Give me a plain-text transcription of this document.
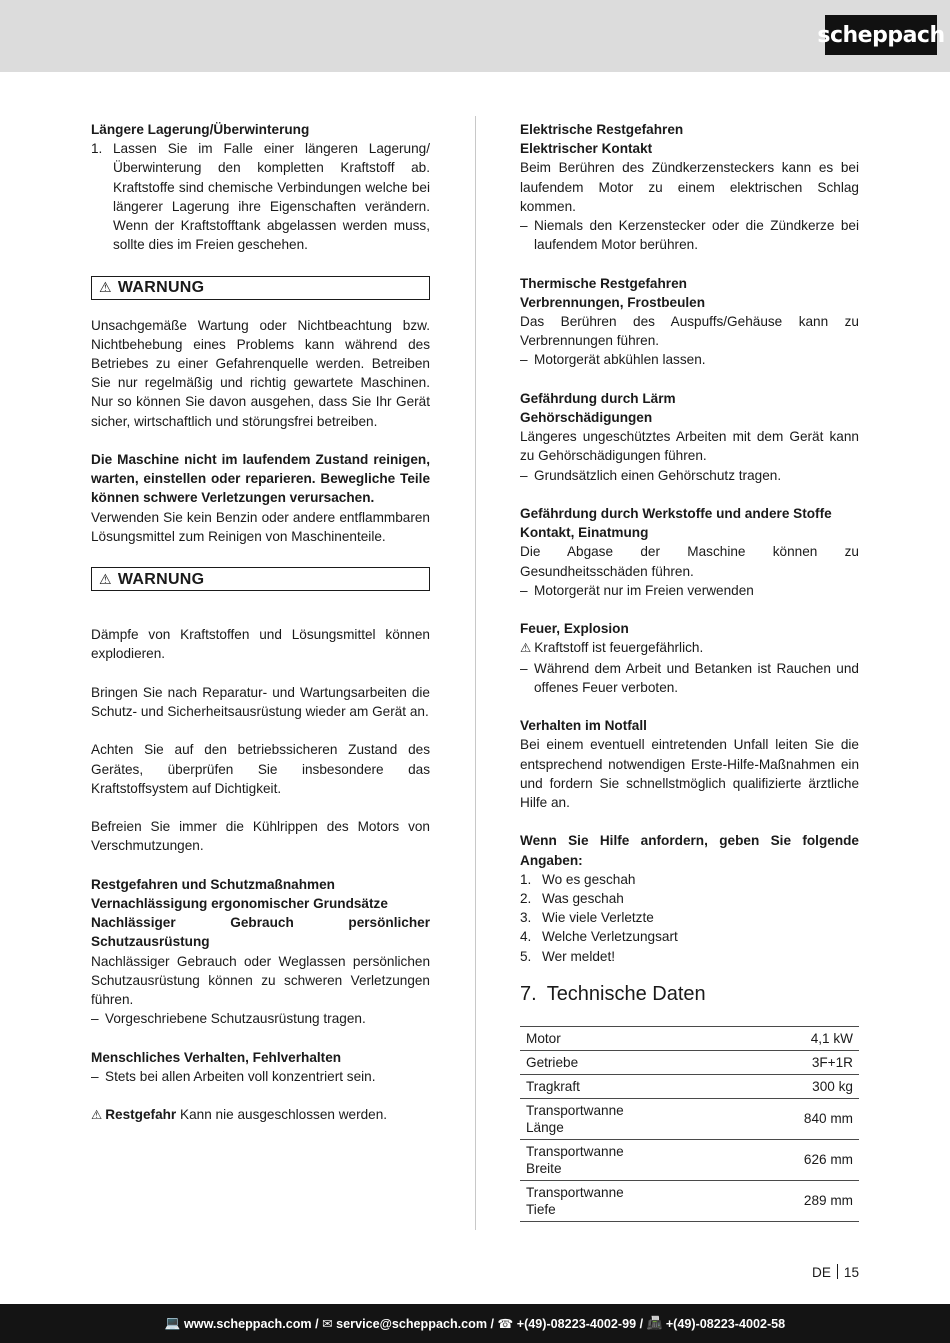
scheppach

Längere Lagerung/Überwinterung

1. Lassen Sie im Falle einer längeren Lagerung/ Überwinterung den kompletten Kraftstoff ab. Kraftstoffe sind chemische Verbindungen welche bei längerer Lagerung ihre Eigenschaften verändern. Wenn der Kraftstofftank abgelassen werden muss, sollte dies im Freien geschehen.
⚠ WARNUNG

Unsachgemäße Wartung oder Nichtbeachtung bzw. Nichtbehebung eines Problems kann während des Betriebes zu einer Gefahrenquelle werden. Betreiben Sie nur regelmäßig und richtig gewartete Maschinen. Nur so können Sie davon ausgehen, dass Sie Ihr Gerät sicher, wirtschaftlich und störungsfrei betreiben.

Die Maschine nicht im laufendem Zustand reinigen, warten, einstellen oder reparieren. Bewegliche Teile können schwere Verletzungen verursachen.

Verwenden Sie kein Benzin oder andere entflammbaren Lösungsmittel zum Reinigen von Maschinenteile.

⚠ WARNUNG

Dämpfe von Kraftstoffen und Lösungsmittel können explodieren.

Bringen Sie nach Reparatur- und Wartungsarbeiten die Schutz- und Sicherheitsausrüstung wieder am Gerät an.

Achten Sie auf den betriebssicheren Zustand des Gerätes, überprüfen Sie insbesondere das Kraftstoffsystem auf Dichtigkeit.

Befreien Sie immer die Kühlrippen des Motors von Verschmutzungen.

Restgefahren und Schutzmaßnahmen

Vernachlässigung ergonomischer Grundsätze

Nachlässiger Gebrauch persönlicher Schutzausrüstung

Nachlässiger Gebrauch oder Weglassen persönlichen Schutzausrüstung können zu schweren Verletzungen führen.

– Vorgeschriebene Schutzausrüstung tragen.

Menschliches Verhalten, Fehlverhalten

– Stets bei allen Arbeiten voll konzentriert sein.

⚠ Restgefahr Kann nie ausgeschlossen werden.

Elektrische Restgefahren

Elektrischer Kontakt

Beim Berühren des Zündkerzensteckers kann es bei laufendem Motor zu einem elektrischen Schlag kommen.

– Niemals den Kerzenstecker oder die Zündkerze bei laufendem Motor berühren.

Thermische Restgefahren

Verbrennungen, Frostbeulen

Das Berühren des Auspuffs/Gehäuse kann zu Verbrennungen führen.

– Motorgerät abkühlen lassen.

Gefährdung durch Lärm

Gehörschädigungen

Längeres ungeschütztes Arbeiten mit dem Gerät kann zu Gehörschädigungen führen.

– Grundsätzlich einen Gehörschutz tragen.

Gefährdung durch Werkstoffe und andere Stoffe

Kontakt, Einatmung

Die Abgase der Maschine können zu Gesundheitsschäden führen.

– Motorgerät nur im Freien verwenden

Feuer, Explosion

⚠ Kraftstoff ist feuergefährlich.

– Während dem Arbeit und Betanken ist Rauchen und offenes Feuer verboten.

Verhalten im Notfall

Bei einem eventuell eintretenden Unfall leiten Sie die entsprechend notwendigen Erste-Hilfe-Maßnahmen ein und fordern Sie schnellstmöglich qualifizierte ärztliche Hilfe an.

Wenn Sie Hilfe anfordern, geben Sie folgende Angaben:

1. Wo es geschah
2. Was geschah
3. Wie viele Verletzte
4. Welche Verletzungsart
5. Wer meldet!
7. Technische Daten
Motor	4,1 kW
Getriebe	3F+1R
Tragkraft	300 kg
Transportwanne Länge	840 mm
Transportwanne Breite	626 mm
Transportwanne Tiefe	289 mm
DE 15
💻
www.scheppach.com / ✉
service@scheppach.com / ☎
+(49)-08223-4002-99 / 📠
+(49)-08223-4002-58
